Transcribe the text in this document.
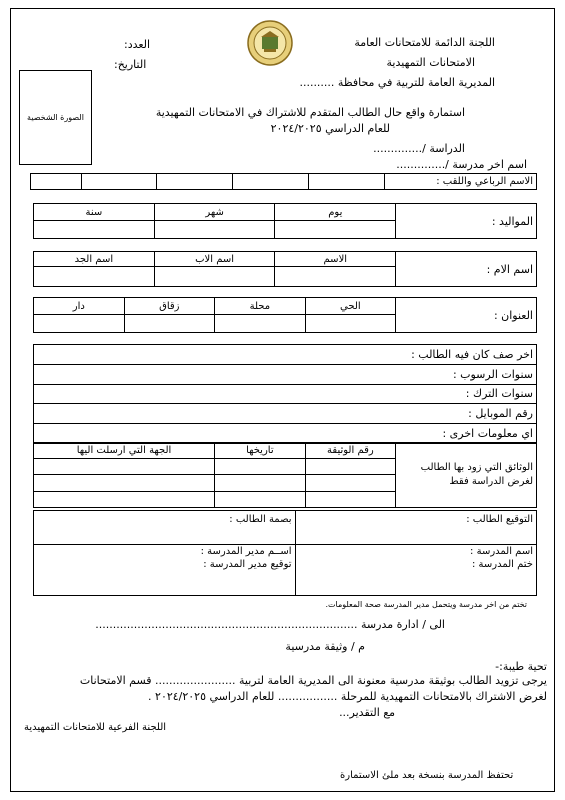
اللجنة الدائمة للامتحانات العامة
الامتحانات التمهيدية
المديرية العامة للتربية في محافظة ..........
العدد:
التاريخ:
الصورة الشخصية	استمارة واقع حال الطالب المتقدم للاشتراك في الامتحانات التمهيدية
للعام الدراسي ٢٠٢٤/٢٠٢٥
الدراسة /..............
اسم اخر مدرسة /..............
					الاسم الرباعي واللقب :
سنة	شهر	يوم	المواليد :

اسم الجد	اسم الاب	الاسم	اسم الام :

دار	زقاق	محلة	الحي	العنوان :

اخر صف كان فيه الطالب :
سنوات الرسوب :
سنوات الترك :
رقم الموبايل :
اي معلومات اخرى :
الجهة التي ارسلت اليها	تاريخها	رقم الوثيقة	الوثائق التي زود بها الطالب
لغرض الدراسة فقط

بصمة الطالب :	التوقيع الطالب :
اســم مدير المدرسة :	اسم المدرسة :
توقيع مدير المدرسة :	ختم المدرسة :
تختم من اخر مدرسة ويتحمل مدير المدرسة صحة المعلومات.
الى / ادارة مدرسة ...........................................................................
م / وثيقة مدرسية
تحية طيبة:-
يرجى تزويد الطالب بوثيقة مدرسية معنونة الى المديرية العامة لتربية ....................... قسم الامتحانات
لغرض الاشتراك بالامتحانات التمهيدية للمرحلة ................. للعام الدراسي ٢٠٢٤/٢٠٢٥ .
مع التقدير...
اللجنة الفرعية للامتحانات التمهيدية
تحتفظ المدرسة بنسخة بعد ملئ الاستمارة
